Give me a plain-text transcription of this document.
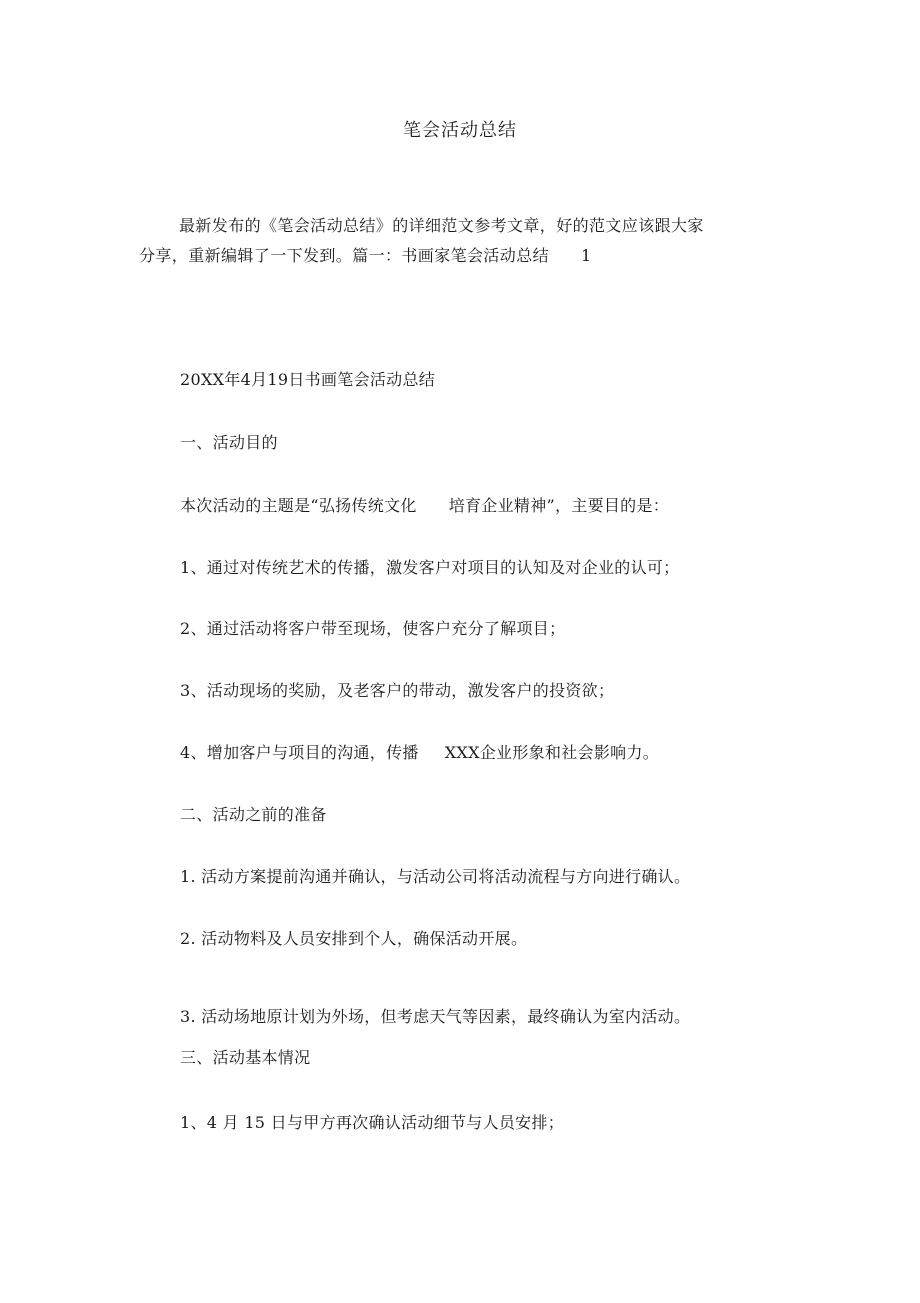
笔会活动总结
最新发布的《笔会活动总结》的详细范文参考文章，好的范文应该跟大家
分享，重新编辑了一下发到。篇一：书画家笔会活动总结 1
20XX年4月19日书画笔会活动总结
一、活动目的
本次活动的主题是“弘扬传统文化 培育企业精神”，主要目的是：
1、通过对传统艺术的传播，激发客户对项目的认知及对企业的认可；
2、通过活动将客户带至现场，使客户充分了解项目；
3、活动现场的奖励，及老客户的带动，激发客户的投资欲；
4、增加客户与项目的沟通，传播 XXX企业形象和社会影响力。
二、活动之前的准备
1. 活动方案提前沟通并确认，与活动公司将活动流程与方向进行确认。
2. 活动物料及人员安排到个人，确保活动开展。
3. 活动场地原计划为外场，但考虑天气等因素，最终确认为室内活动。
三、活动基本情况
1、4 月 15 日与甲方再次确认活动细节与人员安排；
